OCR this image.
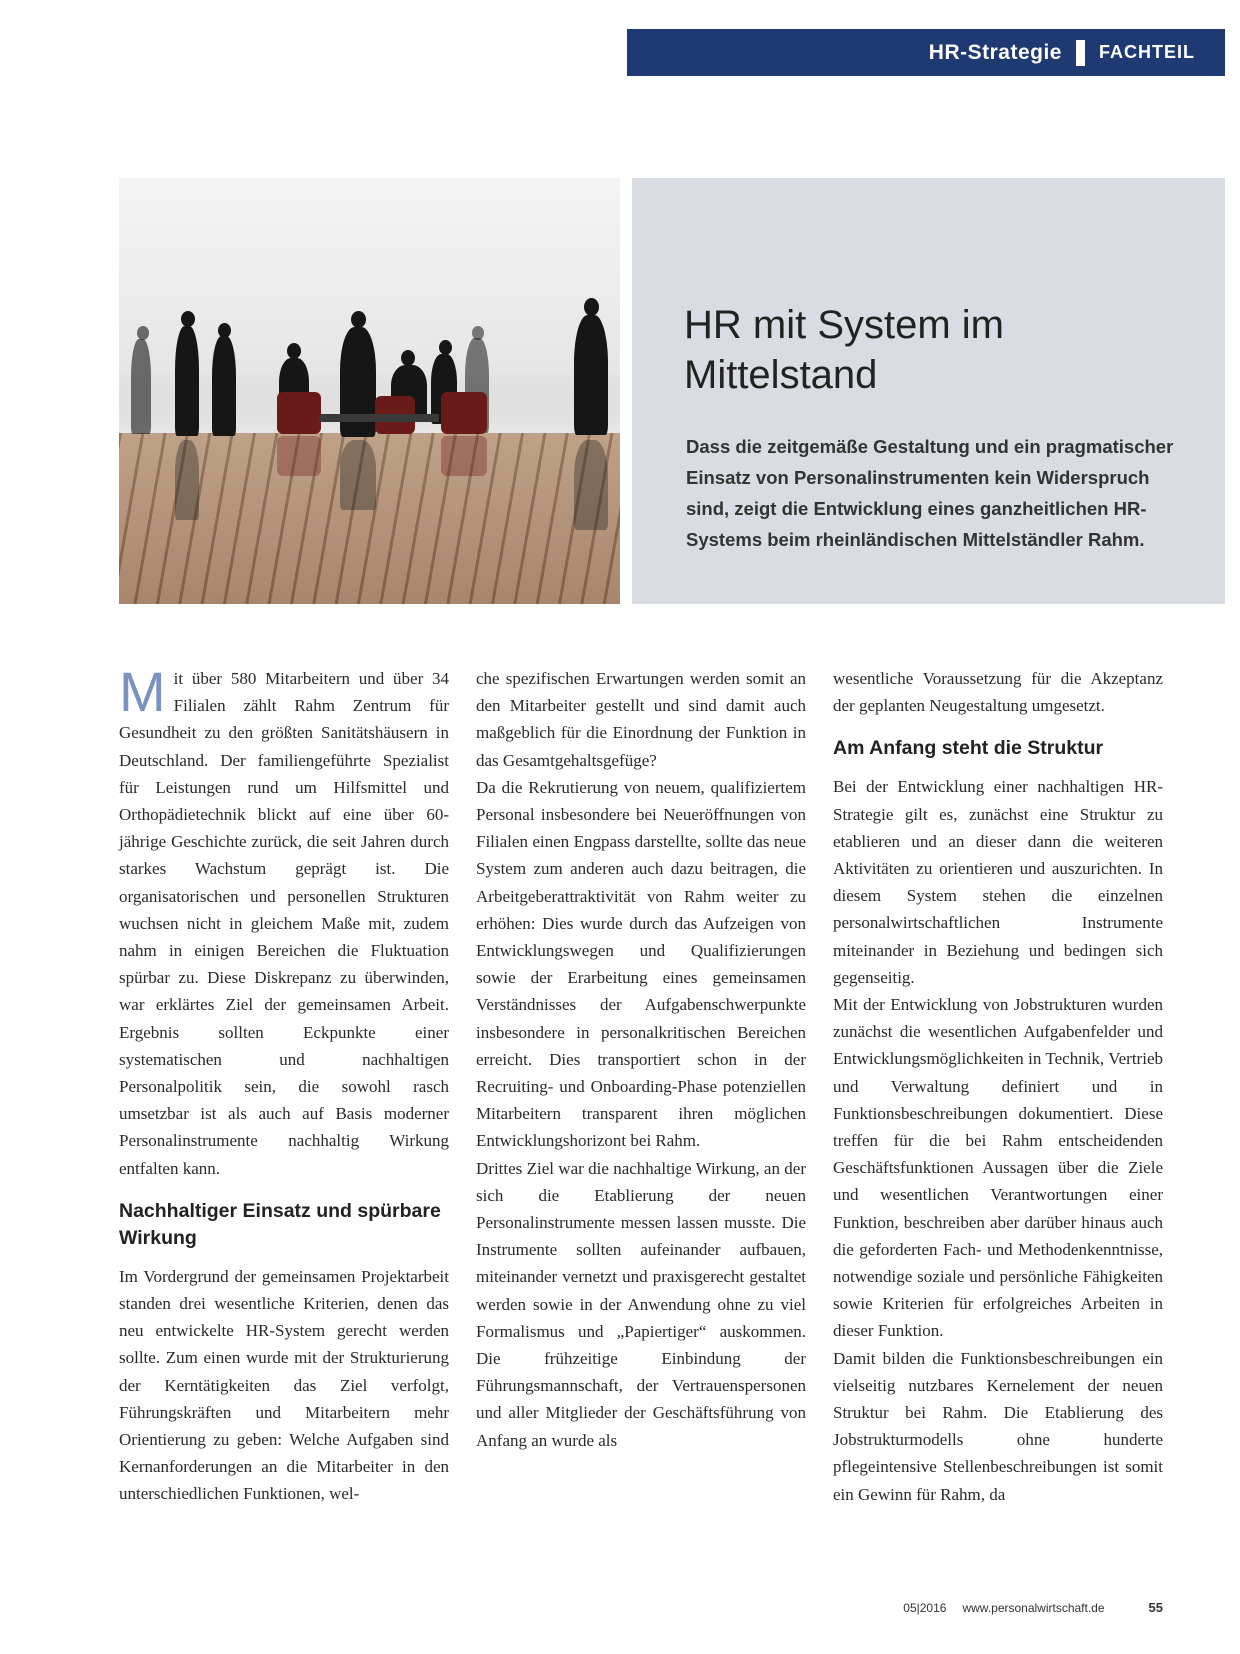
HR-Strategie FACHTEIL
HR mit System im Mittelstand

Dass die zeitgemäße Gestaltung und ein pragmatischer Einsatz von Personalinstrumenten kein Widerspruch sind, zeigt die Entwicklung eines ganzheitlichen HR-Systems beim rheinländischen Mittelständler Rahm.

Mit über 580 Mitarbeitern und über 34 Filialen zählt Rahm Zentrum für Gesundheit zu den größten Sanitätshäusern in Deutschland. Der familiengeführte Spezialist für Leistungen rund um Hilfsmittel und Orthopädietechnik blickt auf eine über 60-jährige Geschichte zurück, die seit Jahren durch starkes Wachstum geprägt ist. Die organisatorischen und personellen Strukturen wuchsen nicht in gleichem Maße mit, zudem nahm in einigen Bereichen die Fluktuation spürbar zu. Diese Diskrepanz zu überwinden, war erklärtes Ziel der gemeinsamen Arbeit. Ergebnis sollten Eckpunkte einer systematischen und nachhaltigen Personalpolitik sein, die sowohl rasch umsetzbar ist als auch auf Basis moderner Personalinstrumente nachhaltig Wirkung entfalten kann.

Nachhaltiger Einsatz und spürbare Wirkung

Im Vordergrund der gemeinsamen Projektarbeit standen drei wesentliche Kriterien, denen das neu entwickelte HR-System gerecht werden sollte. Zum einen wurde mit der Strukturierung der Kerntätigkeiten das Ziel verfolgt, Führungskräften und Mitarbeitern mehr Orientierung zu geben: Welche Aufgaben sind Kernanforderungen an die Mitarbeiter in den unterschiedlichen Funktionen, wel-

che spezifischen Erwartungen werden somit an den Mitarbeiter gestellt und sind damit auch maßgeblich für die Einordnung der Funktion in das Gesamtgehaltsgefüge?

Da die Rekrutierung von neuem, qualifiziertem Personal insbesondere bei Neueröffnungen von Filialen einen Engpass darstellte, sollte das neue System zum anderen auch dazu beitragen, die Arbeitgeberattraktivität von Rahm weiter zu erhöhen: Dies wurde durch das Aufzeigen von Entwicklungswegen und Qualifizierungen sowie der Erarbeitung eines gemeinsamen Verständnisses der Aufgabenschwerpunkte insbesondere in personalkritischen Bereichen erreicht. Dies transportiert schon in der Recruiting- und Onboarding-Phase potenziellen Mitarbeitern transparent ihren möglichen Entwicklungshorizont bei Rahm.

Drittes Ziel war die nachhaltige Wirkung, an der sich die Etablierung der neuen Personalinstrumente messen lassen musste. Die Instrumente sollten aufeinander aufbauen, miteinander vernetzt und praxisgerecht gestaltet werden sowie in der Anwendung ohne zu viel Formalismus und „Papiertiger“ auskommen. Die frühzeitige Einbindung der Führungsmannschaft, der Vertrauenspersonen und aller Mitglieder der Geschäftsführung von Anfang an wurde als

wesentliche Voraussetzung für die Akzeptanz der geplanten Neugestaltung umgesetzt.

Am Anfang steht die Struktur

Bei der Entwicklung einer nachhaltigen HR-Strategie gilt es, zunächst eine Struktur zu etablieren und an dieser dann die weiteren Aktivitäten zu orientieren und auszurichten. In diesem System stehen die einzelnen personalwirtschaftlichen Instrumente miteinander in Beziehung und bedingen sich gegenseitig.

Mit der Entwicklung von Jobstrukturen wurden zunächst die wesentlichen Aufgabenfelder und Entwicklungsmöglichkeiten in Technik, Vertrieb und Verwaltung definiert und in Funktionsbeschreibungen dokumentiert. Diese treffen für die bei Rahm entscheidenden Geschäftsfunktionen Aussagen über die Ziele und wesentlichen Verantwortungen einer Funktion, beschreiben aber darüber hinaus auch die geforderten Fach- und Methodenkenntnisse, notwendige soziale und persönliche Fähigkeiten sowie Kriterien für erfolgreiches Arbeiten in dieser Funktion.

Damit bilden die Funktionsbeschreibungen ein vielseitig nutzbares Kernelement der neuen Struktur bei Rahm. Die Etablierung des Jobstrukturmodells ohne hunderte pflegeintensive Stellenbeschreibungen ist somit ein Gewinn für Rahm, da

05|2016 www.personalwirtschaft.de	55
